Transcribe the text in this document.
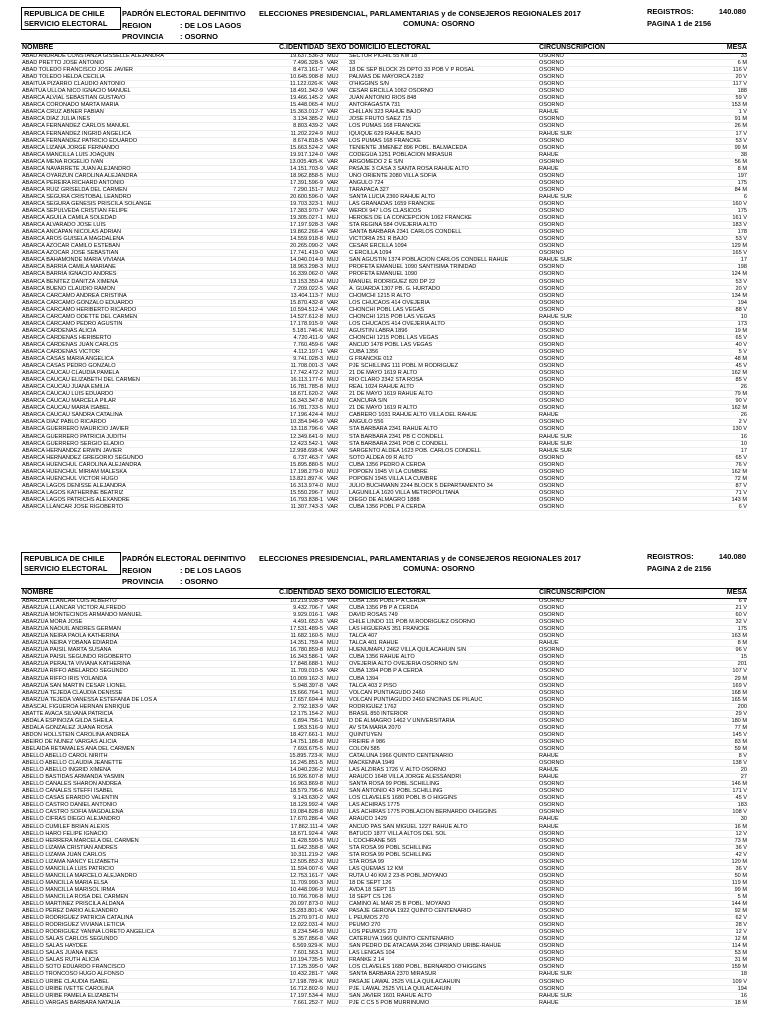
REPUBLICA DE CHILE
SERVICIO ELECTORAL
PADRÓN ELECTORAL DEFINITIVO
REGION	: DE LOS LAGOS
PROVINCIA	: OSORNO
ELECCIONES PRESIDENCIAL, PARLAMENTARIAS y de CONSEJEROS REGIONALES 2017
COMUNA: OSORNO
REGISTROS:	140.080
PAGINA 1 de 2156
NOMBRE	C.IDENTIDAD SEXO DOMICILIO ELECTORAL	CIRCUNSCRIPCION	MESA
ABAD ANDRADE CONSTANZA GISSELLE ALEJANDRA	19.637.536-3 MUJ SECTOR PICHIL 55 KM 18	OSORNO	33
ABAD PRETTO JOSE ANTONIO	7.496.328-5 VAR 33	OSORNO	6 M
ABAD TOLEDO FRANCISCO JOSE JAVIER	8.473.161-7 VAR 18 DE SEP BLOCK 25 DPTO 33 POB V P ROSAL	OSORNO	116 V
ABAD TOLEDO HELDA CECILIA	10.645.908-8 MUJ PALMAS DE MAYORCA 2182	OSORNO	20 V
ABAITUA PIZARRO CLAUDIO ANTONIO	11.122.026-K VAR O'HIGGINS S/N	OSORNO	117 V
ABAITUA ULLOA NICO IGNACIO MANUEL	18.491.342-9 VAR CESAR ERCILLA 1062 OSORNO	OSORNO	188
ABARCA ALVIAL SEBASTIAN GUSTAVO	19.466.145-2 VAR JUAN ANTONIO RIOS 848	OSORNO	59 V
ABARCA CORONADO MARTA MARIA	15.448.065-4 MUJ ANTOFAGASTA 731	OSORNO	153 M
ABARCA CRUZ ABNER FABIAN	15.363.012-7 VAR CHILLAN 323 RAHUE BAJO	RAHUE	1 V
ABARCA DIAZ JULIA INES	3.134.385-2 MUJ JOSE FRUTO SAEZ 715	OSORNO	91 M
ABARCA FERNANDEZ CARLOS MANUEL	8.803.439-2 VAR LOS PUMAS 168 FRANCKE	OSORNO	26 M
ABARCA FERNANDEZ INGRID ANGELICA	11.202.224-9 MUJ IQUIQUE 629 RAHUE BAJO	RAHUE SUR	17 V
ABARCA FERNANDEZ PATRICIO EDUARDO	8.674.818-5 VAR LOS PUMAS 168 FRANCKE	OSORNO	53 V
ABARCA LIZANA JORGE FERNANDO	15.663.524-2 VAR TENIENTE JIMENEZ 896 POBL. BALMACEDA	OSORNO	99 M
ABARCA MANCILLA LUIS JOAQUIN	19.917.124-0 VAR CODEGUA 1251 POBLACION MIRASUR	RAHUE	38
ABARCA MENA ROGELIO IVAN	13.005.405-K VAR ARGOMEDO 2 E S/N	OSORNO	56 M
ABARCA NAVARRETE JUAN ALEJANDRO	14.151.703-9 VAR PASAJE 3 CASA 3 SANTA ROSA RAHUE ALTO	RAHUE	8 M
ABARCA OYARZUN CAROLINA ALEJANDRA	18.962.858-5 MUJ UNO ORIENTE 2080 VILLA SOFIA	OSORNO	197
ABARCA PEREIRA RICHARD ANTONIO	17.391.596-9 VAR ANGULO 724	OSORNO	175
ABARCA RUIZ GRISELDA DEL CARMEN	7.290.151-7 MUJ TARAPACA 327	OSORNO	84 M
ABARCA SEGURA CRISTOBAL LEANDRO	20.600.596-0 VAR SANTA LUCIA 2360 RAHUE ALTO	RAHUE SUR	6
ABARCA SEGURA GENESIS PRISCILA SOLANGE	19.703.323-1 MUJ LAS GRANADAS 1659 FRANCKE	OSORNO	160 V
ABARCA SEPULVEDA CRISTIAN FELIPE	17.383.970-7 VAR WERDI 947 LOS CLASICOS	OSORNO	175
ABARCA AGUILA CAMILA SOLEDAD	19.305.027-1 MUJ HEROES DE LA CONCEPCION 1062 FRANCKE	OSORNO	161 V
ABARCA ALVARADO JOSE LUIS	17.197.928-3 VAR STA REGINA 584 OVEJERIA ALTO	OSORNO	183 V
ABARCA ANCAPAN NICOLAS ADRIAN	19.862.266-4 VAR SANTA BARBARA 2341 CARLOS CONDELL	OSORNO	178
ABARCA AROS GUISELA MAGDALENA	14.559.918-8 MUJ VICTORIA 251 R BAJO	OSORNO	53 V
ABARCA AZOCAR CAMILO ESTEBAN	20.265.090-2 VAR CESAR ERCILLA 1094	OSORNO	129 M
ABARCA AZOCAR JOSE SEBASTIAN	17.741.419-0 VAR C ERCILLA 1094	OSORNO	165 V
ABARCA BAHAMONDE MARIA VIVIANA	14.040.014-9 MUJ SAN AGUSTIN 1374 POBLACION CARLOS CONDELL RAHUE	RAHUE SUR	17
ABARCA BARRIA CAMILA MARIANE	18.963.298-3 MUJ PROFETA EMANUEL 1090 SANTISIMA TRINIDAD	OSORNO	198
ABARCA BARRIA IGNACIO ANDRES	16.339.062-0 VAR PROFETA EMANUEL 1090	OSORNO	124 M
ABARCA BENITEZ DANITZA XIMENA	13.153.350-4 MUJ MANUEL RODRIGUEZ 820 DP 22	OSORNO	53 V
ABARCA BUENO CLAUDIO RAMON	7.209.022-5 VAR A. GUARDA 1307 PB. G. HURTADO	OSORNO	20 V
ABARCA CARCAMO ANDREA CRISTINA	13.404.113-7 MUJ CHOMCHI 1215 R ALTO	OSORNO	134 M
ABARCA CARCAMO GONZALO EDUARDO	15.870.432-8 VAR LOS CHUCAOS 414 OVEJERIA	OSORNO	194
ABARCA CARCAMO HERIBERTO RICARDO	10.594.512-4 VAR CHONCHI POBL LAS VEGAS	OSORNO	88 V
ABARCA CARCAMO ODETTE DEL CARMEN	14.527.612-8 MUJ CHONCHI 1215 POB LAS VEGAS	RAHUE SUR	10
ABARCA CARCAMO PEDRO AGUSTIN	17.178.915-9 VAR LOS CHUCAOS 414 OVEJERIA ALTO	OSORNO	173
ABARCA CARDENAS ALICIA	5.181.746-K MUJ AGUSTIN LABRA 1896	OSORNO	19 M
ABARCA CARDENAS HERIBERTO	4.720.411-9 VAR CHONCHI 1215 POBL LAS VEGAS	OSORNO	65 V
ABARCA CARDENAS JUAN CARLOS	7.760.459-6 VAR ANCUD 1478 POBL LAS VEGAS	OSORNO	40 V
ABARCA CARDENAS VICTOR	4.112.197-1 VAR CUBA 1356	OSORNO	5 V
ABARCA CASAS MARIA ANGELICA	9.741.028-3 MUJ G FRANCKE 012	OSORNO	48 M
ABARCA CASAS PEDRO GONZALO	11.708.001-3 VAR PJE SCHILLING 111 POBL M RODRIGUEZ	OSORNO	45 V
ABARCA CAUCAU CLAUDIA PAMELA	17.742.472-2 MUJ 21 DE MAYO 1619 R ALTO	OSORNO	162 M
ABARCA CAUCAU ELIZABETH DEL CARMEN	16.113.177-6 MUJ RIO CLARO 2342 STA ROSA	OSORNO	85 V
ABARCA CAUCAU JUANA EMILIA	16.781.785-8 MUJ REAL 1024 RAHUE ALTO	OSORNO	26
ABARCA CAUCAU LUIS EDUARDO	18.671.620-2 VAR 21 DE MAYO 1619 RAHUE ALTO	OSORNO	79 M
ABARCA CAUCAU MARCELA PILAR	16.343.347-8 MUJ CANCURA S/N	OSORNO	90 V
ABARCA CAUCAU MARIA ISABEL	16.781.733-5 MUJ 21 DE MAYO 1619 R ALTO	OSORNO	162 M
ABARCA CAUCAU SANDRA CATALINA	17.196.424-4 MUJ CABRERO 1031 RAHUE ALTO VILLA DEL RAHUE	RAHUE	26
ABARCA DIAZ PABLO RICARDO	10.354.946-9 VAR ANGULO 556	OSORNO	2 V
ABARCA GUERRERO MAURICIO JAVIER	13.118.796-6 VAR STA BARBARA 2341 RAHUE ALTO	OSORNO	130 V
ABARCA GUERRERO PATRICIA JUDITH	12.349.641-9 MUJ STA BARBARA 2341 PB C CONDELL	RAHUE SUR	16
ABARCA GUERRERO SERGIO ELADIO	12.423.542-1 VAR STA BARBARA 2341 POB C CONDELL	RAHUE SUR	10
ABARCA HERNANDEZ ERWIN JAVIER	12.998.698-K VAR SARGENTO ALDEA 1623 POB. CARLOS CONDELL	RAHUE SUR	17
ABARCA HERNANDEZ GREGORIO SEGUNDO	6.737.463-7 VAR SOTO ALDEA 09 R ALTO	OSORNO	65 V
ABARCA HUENCHUL CAROLINA ALEJANDRA	15.895.880-5 MUJ CUBA 1356 PEDRO A CERDA	OSORNO	76 V
ABARCA HUENCHUL MIRIAM MALESKA	17.198.279-0 MUJ POPOEN 1945 VI LA CUMBRE	OSORNO	162 M
ABARCA HUENCHUL VICTOR HUGO	13.821.897-K VAR POPOEN 1945 VILLA LA CUMBRE	OSORNO	72 M
ABARCA LAGOS DENISSE ALEJANDRA	16.313.974-0 MUJ JULIO BUCHMANN 2244 BLOCK 5 DEPARTAMENTO 34	OSORNO	87 V
ABARCA LAGOS KATHERINE BEATRIZ	15.550.296-7 MUJ LAGUNILLA 1620 VILLA METROPOLITANA	OSORNO	71 V
ABARCA LAGOS PATRICHS ALEXANDRE	16.793.838-1 VAR DIEGO DE ALMAGRO 1888	OSORNO	143 M
ABARCA LLANCAR JOSE RIGOBERTO	11.307.743-3 VAR CUBA 1356 POBL P A CERDA	OSORNO	6 V
REPUBLICA DE CHILE
SERVICIO ELECTORAL
PADRÓN ELECTORAL DEFINITIVO
REGION	: DE LOS LAGOS
PROVINCIA	: OSORNO
ELECCIONES PRESIDENCIAL, PARLAMENTARIAS y de CONSEJEROS REGIONALES 2017
COMUNA: OSORNO
REGISTROS:	140.080
PAGINA 2 de 2156
NOMBRE	C.IDENTIDAD SEXO DOMICILIO ELECTORAL	CIRCUNSCRIPCION	MESA
ABARZUA LLANCAR LUIS ALBERTO	10.219.938-3 VAR CUBA 1356 POBL P A CERDA	OSORNO	6 V
ABARZUA LLANCAR VICTOR ALFREDO	9.432.706-7 VAR CUBA 1356 PB P A CERDA	OSORNO	21 V
ABARZUA MONTECINOS ARMANDO MANUEL	9.929.016-1 VAR DAVID ROSAS 749	OSORNO	60 V
ABARZUA MORA JOSE	4.491.652-5 VAR CHILE LINDO 111 POB M.RODRIGUEZ OSORNO	OSORNO	32 V
ABARZUA NAOUIL ANDRES GERMAN	17.531.489-5 VAR LAS HIGUERAS 351 FRANCKE	OSORNO	175
ABARZUA NEIRA PAOLA KATHERINA	11.682.160-5 MUJ TALCA 407	OSORNO	163 M
ABARZUA NEIRA YOBANA EDIARDA	14.351.759-4 MUJ TALCA 401 RAHUE	RAHUE	8 M
ABARZUA PAISIL MARTA SUSANA	16.780.859-8 MUJ HUENUMAPU 2462 VILLA QUILACAHUIN S/N	OSORNO	96 V
ABARZUA PAISIL SEGUNDO RIGOBERTO	16.343.586-1 VAR CUBA 1356 RAHUE ALTO	OSORNO	15
ABARZUA PERALTA VIVIANA KATHERINA	17.848.688-1 MUJ OVEJERIA ALTO OVEJERIA OSORNO S/N	OSORNO	201
ABARZUA RIFFO ABELARDO SEGUNDO	11.709.010-5 VAR CUBA 1394 POB P A CERDA	OSORNO	107 V
ABARZUA RIFFO IRIS YOLANDA	10.009.162-3 MUJ CUBA 1394	OSORNO	29 M
ABARZUA SAN MARTIN CESAR LIONEL	5.948.397-8 VAR TALCA 403 2 PISO	OSORNO	169 V
ABARZUA TEJEDA CLAUDIA DENISSE	15.666.764-1 MUJ VOLCAN PUNTIAGUDO 2460	OSORNO	168 M
ABARZUA TEJEDA VANESSA ESTEFANIA DE LOS A	17.657.694-4 MUJ VOLCAN PUNTIAGUDO 2460 ENCINAS DE PILAUC	OSORNO	165 M
ABASCAL FIGUEROA HERNAN ENRIQUE	2.792.183-9 VAR RODRIGUEZ 1762	OSORNO	200
ABATTE AVACA SILVANA PATRICIA	12.175.154-2 MUJ BRASIL 850 INTERIOR	OSORNO	29 V
ABDALA ESPINOZA GILDA SHEILA	6.894.756-1 MUJ D DE ALMAGRO 1462 V UNIVERSITARIA	OSORNO	180 M
ABDALA GONZALEZ JUANA ROSA	1.953.516-9 MUJ AV STA MARIA 2070	OSORNO	77 M
ABDON HOLLSTEIN CAROLINA ANDREA	18.427.661-1 MUJ QUINTUYEN	OSORNO	145 V
ABEIRO DE NUÑEZ VARGAS ALICIA	14.751.186-8 MUJ FREIRE # 986	OSORNO	83 M
ABELAIDA RETAMALES ANA DEL CARMEN	7.693.675-5 MUJ COLON 585	OSORNO	59 M
ABELLO ABELLO CAROL NIRITH	15.895.723-K MUJ CATALUÑA 1966 QUINTO CENTENARIO	RAHUE	8 V
ABELLO ABELLO CLAUDIA JEANETTE	16.245.851-5 MUJ MACKENNA 1949	OSORNO	138 V
ABELLO ABELLO INGRID XIMENA	14.040.236-2 MUJ LAS ALZIRAS 1726 V. ALTO OSORNO	RAHUE	20
ABELLO BASTIDAS ARMANDA YASMIN	16.926.607-8 MUJ ARAUCO 1648 VILLA JORGE ALESSANDRI	RAHUE	27
ABELLO CANALES SHARON ANDREA	16.963.869-8 MUJ SANTA ROSA 99 POBL.SCHILLING	OSORNO	146 M
ABELLO CANALES STEFFI ISABEL	18.579.796-6 MUJ SAN ANTONIO 43 POBL.SCHILLING	OSORNO	171 V
ABELLO CASAS ERARDO VALENTIN	9.143.630-2 VAR LOS CLAVELES 1680 POBL B O HIGGINS	OSORNO	45 V
ABELLO CASTRO DANIEL ANTONIO	18.129.992-4 VAR LAS ACHIRAS 1775	OSORNO	183
ABELLO CASTRO SOFIA MAGDALENA	19.084.828-8 MUJ LAS ACHIRAS 1775 POBLACION BERNARDO OHIGGINS	OSORNO	108 V
ABELLO CIFRAS DIEGO ALEJANDRO	17.670.286-4 VAR ARAUCO 1429	RAHUE	30
ABELLO CUMILEF BRIAN ALEXIS	17.862.111-4 VAR ANCUD PAS SAN MIGUEL 1227 RAHUE ALTO	RAHUE	16 M
ABELLO HARO FELIPE IGNACIO	18.671.924-4 VAR BATUCO 1877 VILLA ALTOS DEL SOL	OSORNO	12 V
ABELLO HERRERA MARCELA DEL CARMEN	11.428.590-5 MUJ L COCHRANE 565	OSORNO	73 M
ABELLO LIZAMA CRISTIAN ANDRES	11.642.358-8 VAR STA ROSA 99 POBL SCHILLING	OSORNO	36 V
ABELLO LIZAMA JUAN CARLOS	10.311.219-2 VAR STA ROSA 99 POBL SCHILLING	OSORNO	42 V
ABELLO LIZAMA NANCY ELIZABETH	12.505.852-3 MUJ STA ROSA 99	OSORNO	120 M
ABELLO MANCILLA LUIS PATRICIO	11.594.007-6 VAR LAS QUEMAS 12 KM	OSORNO	36 V
ABELLO MANCILLA MARCELO ALEJANDRO	12.753.161-7 VAR RUTA U 40 KM 2 23-B POBL.MOYANO	OSORNO	50 M
ABELLO MANCILLA MARIA ELSA	11.709.990-3 MUJ 18 DE SEPT 126	OSORNO	119 M
ABELLO MANCILLA MARISOL IRMA	10.448.096-9 MUJ AVDA 18 SEPT 15	OSORNO	99 M
ABELLO MANCILLA ROSA DEL CARMEN	10.766.706-8 MUJ 18 SEPT CS 126	OSORNO	5 M
ABELLO MARTINEZ PRISCILA ALDANA	20.097.873-0 MUJ CAMINO AL MAR 25 B POBL. MOYANO	OSORNO	144 M
ABELLO PEREZ DARIO ALEJANDRO	15.283.801-K VAR PASAJE GERONA 1922 QUINTO CENTENARIO	OSORNO	92 M
ABELLO RODRIGUEZ PATRICIA CATALINA	15.270.971-0 MUJ L PEUMOS 270	OSORNO	62 V
ABELLO RODRIGUEZ VIVIANA LETICIA	12.022.031-4 MUJ PEUMO 270	OSORNO	28 V
ABELLO RODRIGUEZ YANINA LORETO ANGÉLICA	8.234.546-9 MUJ LOS PEUMOS 270	OSORNO	12 V
ABELLO SALAS CARLOS SEGUNDO	5.357.856-8 VAR CATERUYA 1966 QUINTO CENTENARIO	OSORNO	12 M
ABELLO SALAS HAYDEE	6.569.929-K MUJ SAN PEDRO DE ATACAMA 2046 CIPRIANO URIBE-RAHUE	OSORNO	114 M
ABELLO SALAS JUANA INES	7.601.563-1 MUJ LAS LENGAS 104	OSORNO	53 M
ABELLO SALAS RUTH ALICIA	10.194.735-5 MUJ FRANKE 2 14	OSORNO	31 M
ABELLO SOTO EDUARDO FRANCISCO	17.125.395-0 VAR LOS CLAVELES 1680 POBL. BERNARDO O'HIGGINS	OSORNO	159 M
ABELLO TRONCOSO HUGO ALFONSO	10.432.281-7 VAR SANTA BARBARA 2370 MIRASUR	RAHUE SUR	18
ABELLO URIBE CLAUDIA ISABEL	17.198.789-K MUJ PASAJE LAWAL 2525 VILLA QUILACAHUIN	OSORNO	109 V
ABELLO URIBE IVETTE CAROLINA	16.712.802-9 MUJ PJE. LAWAL 2525 VILLA QUILACAHUIN	OSORNO	194
ABELLO URIBE PAMELA ELIZABETH	17.197.534-4 MUJ SAN JAVIER 1601 RAHUE ALTO	RAHUE SUR	16
ABELLO VARGAS BARBARA NATALIA	7.661.252-7 MUJ PJE C CS 5 POB MURRINUMO	RAHUE	18 M
